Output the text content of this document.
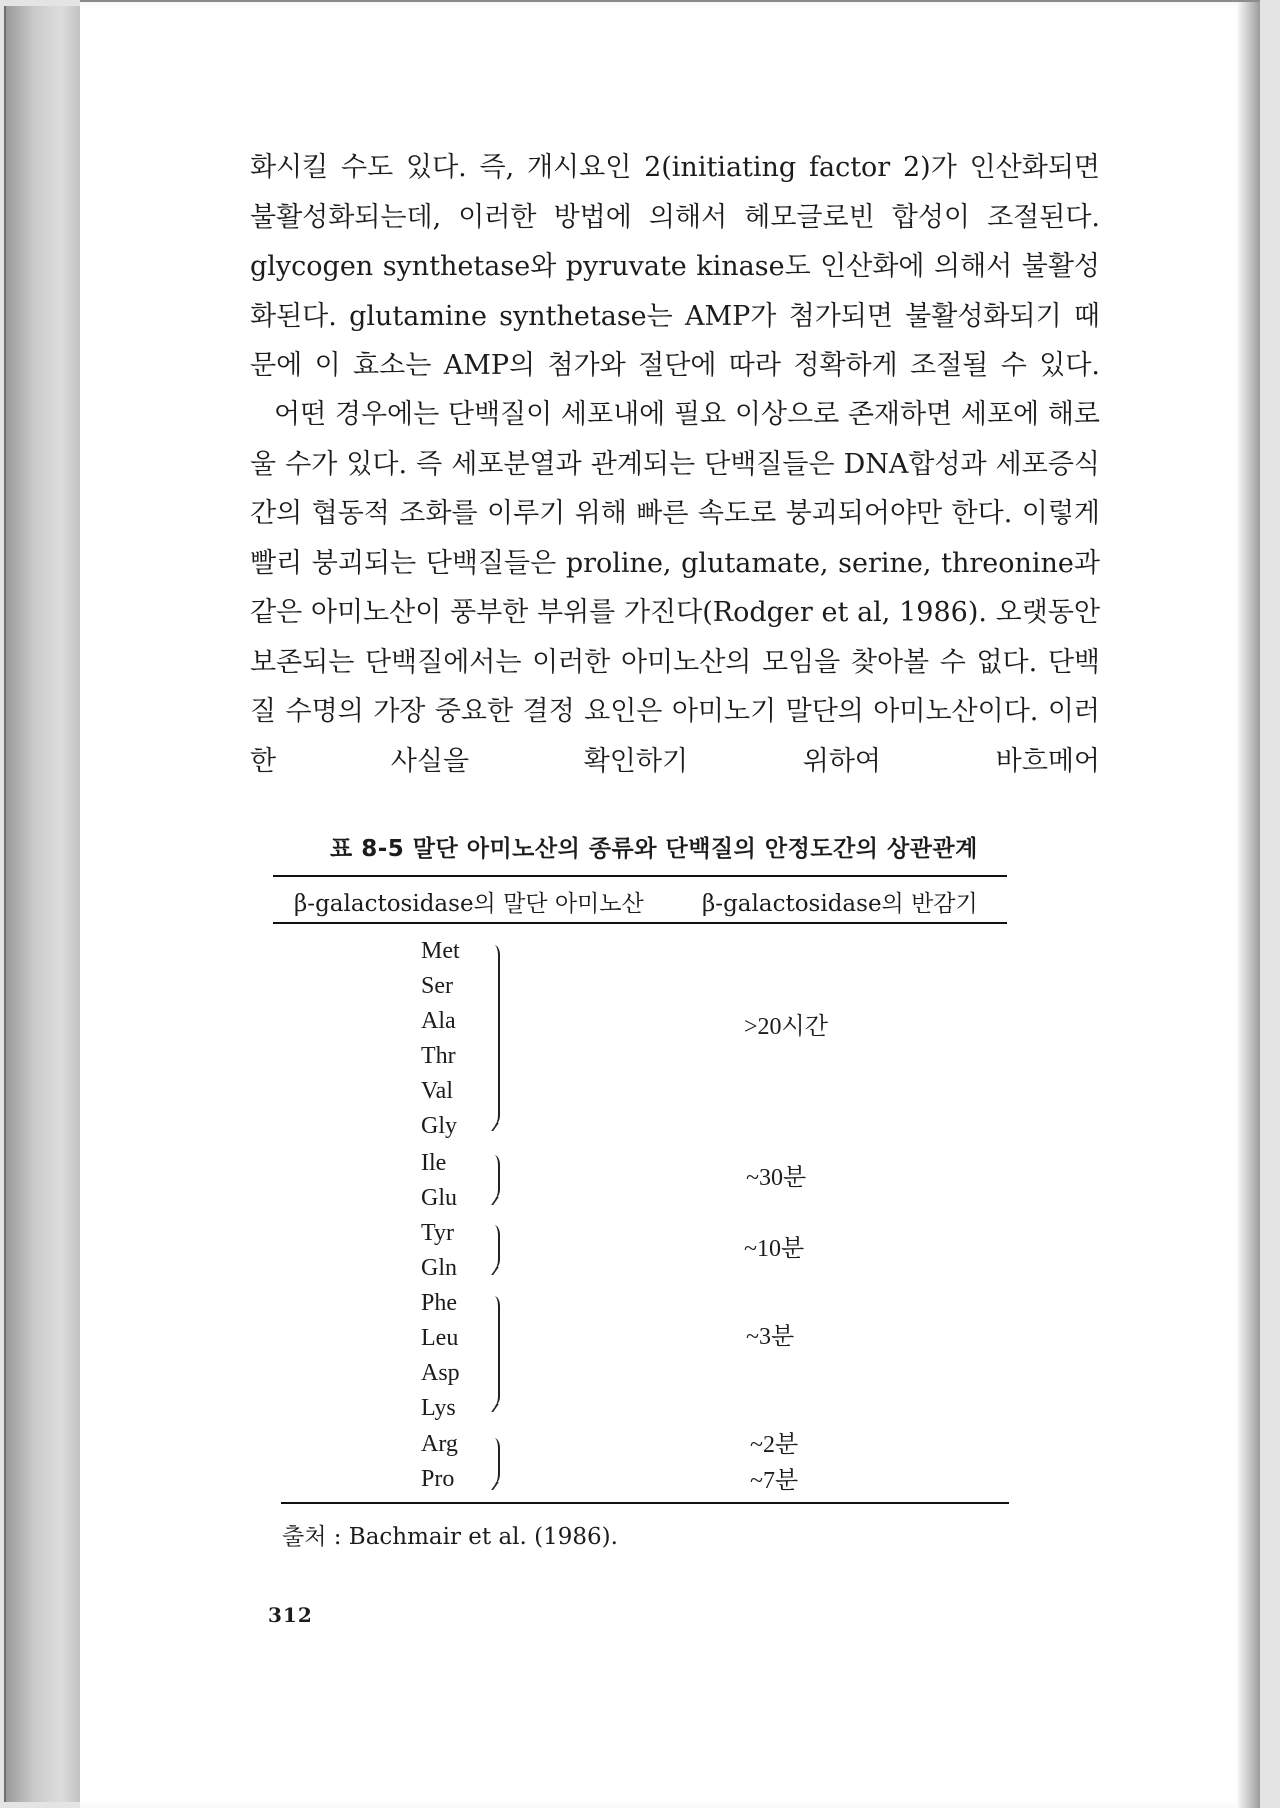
화시킬 수도 있다. 즉, 개시요인 2(initiating factor 2)가 인산화되면 불활성화되는데, 이러한 방법에 의해서 헤모글로빈 합성이 조절된다. glycogen synthetase와 pyruvate kinase도 인산화에 의해서 불활성화된다. glutamine synthetase는 AMP가 첨가되면 불활성화되기 때문에 이 효소는 AMP의 첨가와 절단에 따라 정확하게 조절될 수 있다.

어떤 경우에는 단백질이 세포내에 필요 이상으로 존재하면 세포에 해로울 수가 있다. 즉 세포분열과 관계되는 단백질들은 DNA합성과 세포증식간의 협동적 조화를 이루기 위해 빠른 속도로 붕괴되어야만 한다. 이렇게 빨리 붕괴되는 단백질들은 proline, glutamate, serine, threonine과 같은 아미노산이 풍부한 부위를 가진다(Rodger et al, 1986). 오랫동안 보존되는 단백질에서는 이러한 아미노산의 모임을 찾아볼 수 없다. 단백질 수명의 가장 중요한 결정 요인은 아미노기 말단의 아미노산이다. 이러한 사실을 확인하기 위하여 바흐메어

표 8-5 말단 아미노산의 종류와 단백질의 안정도간의 상관관계
β-galactosidase의 말단 아미노산	β-galactosidase의 반감기
Met
Ser
Ala
Thr
Val
Gly
>20시간
Ile
Glu
~30분
Tyr
Gln
~10분
Phe
Leu
Asp
Lys
~3분
Arg
Pro
~2분
~7분
출처 : Bachmair et al. (1986).
312
